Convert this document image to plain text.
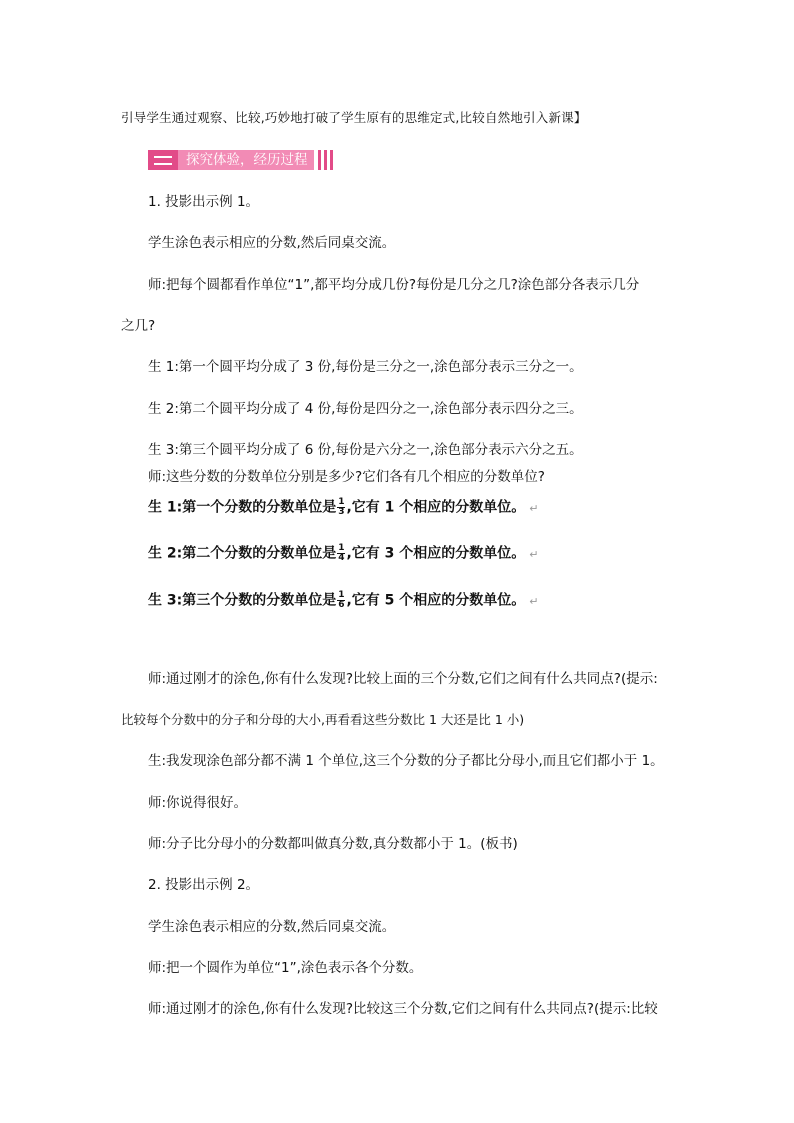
引导学生通过观察、比较,巧妙地打破了学生原有的思维定式,比较自然地引入新课】
探究体验，经历过程
1. 投影出示例 1。
学生涂色表示相应的分数,然后同桌交流。
师:把每个圆都看作单位“1”,都平均分成几份?每份是几分之几?涂色部分各表示几分
之几?
生 1:第一个圆平均分成了 3 份,每份是三分之一,涂色部分表示三分之一。
生 2:第二个圆平均分成了 4 份,每份是四分之一,涂色部分表示四分之三。
生 3:第三个圆平均分成了 6 份,每份是六分之一,涂色部分表示六分之五。
师:这些分数的分数单位分别是多少?它们各有几个相应的分数单位?
生 1:第一个分数的分数单位是 $\frac{1}{3}$ ,它有 1 个相应的分数单位。 ↵
生 2:第二个分数的分数单位是 $\frac{1}{4}$ ,它有 3 个相应的分数单位。 ↵
生 3:第三个分数的分数单位是 $\frac{1}{6}$ ,它有 5 个相应的分数单位。 ↵
师:通过刚才的涂色,你有什么发现?比较上面的三个分数,它们之间有什么共同点?(提示:
比较每个分数中的分子和分母的大小,再看看这些分数比 1 大还是比 1 小)
生:我发现涂色部分都不满 1 个单位,这三个分数的分子都比分母小,而且它们都小于 1。
师:你说得很好。
师:分子比分母小的分数都叫做真分数,真分数都小于 1。(板书)
2. 投影出示例 2。
学生涂色表示相应的分数,然后同桌交流。
师:把一个圆作为单位“1”,涂色表示各个分数。
师:通过刚才的涂色,你有什么发现?比较这三个分数,它们之间有什么共同点?(提示:比较
